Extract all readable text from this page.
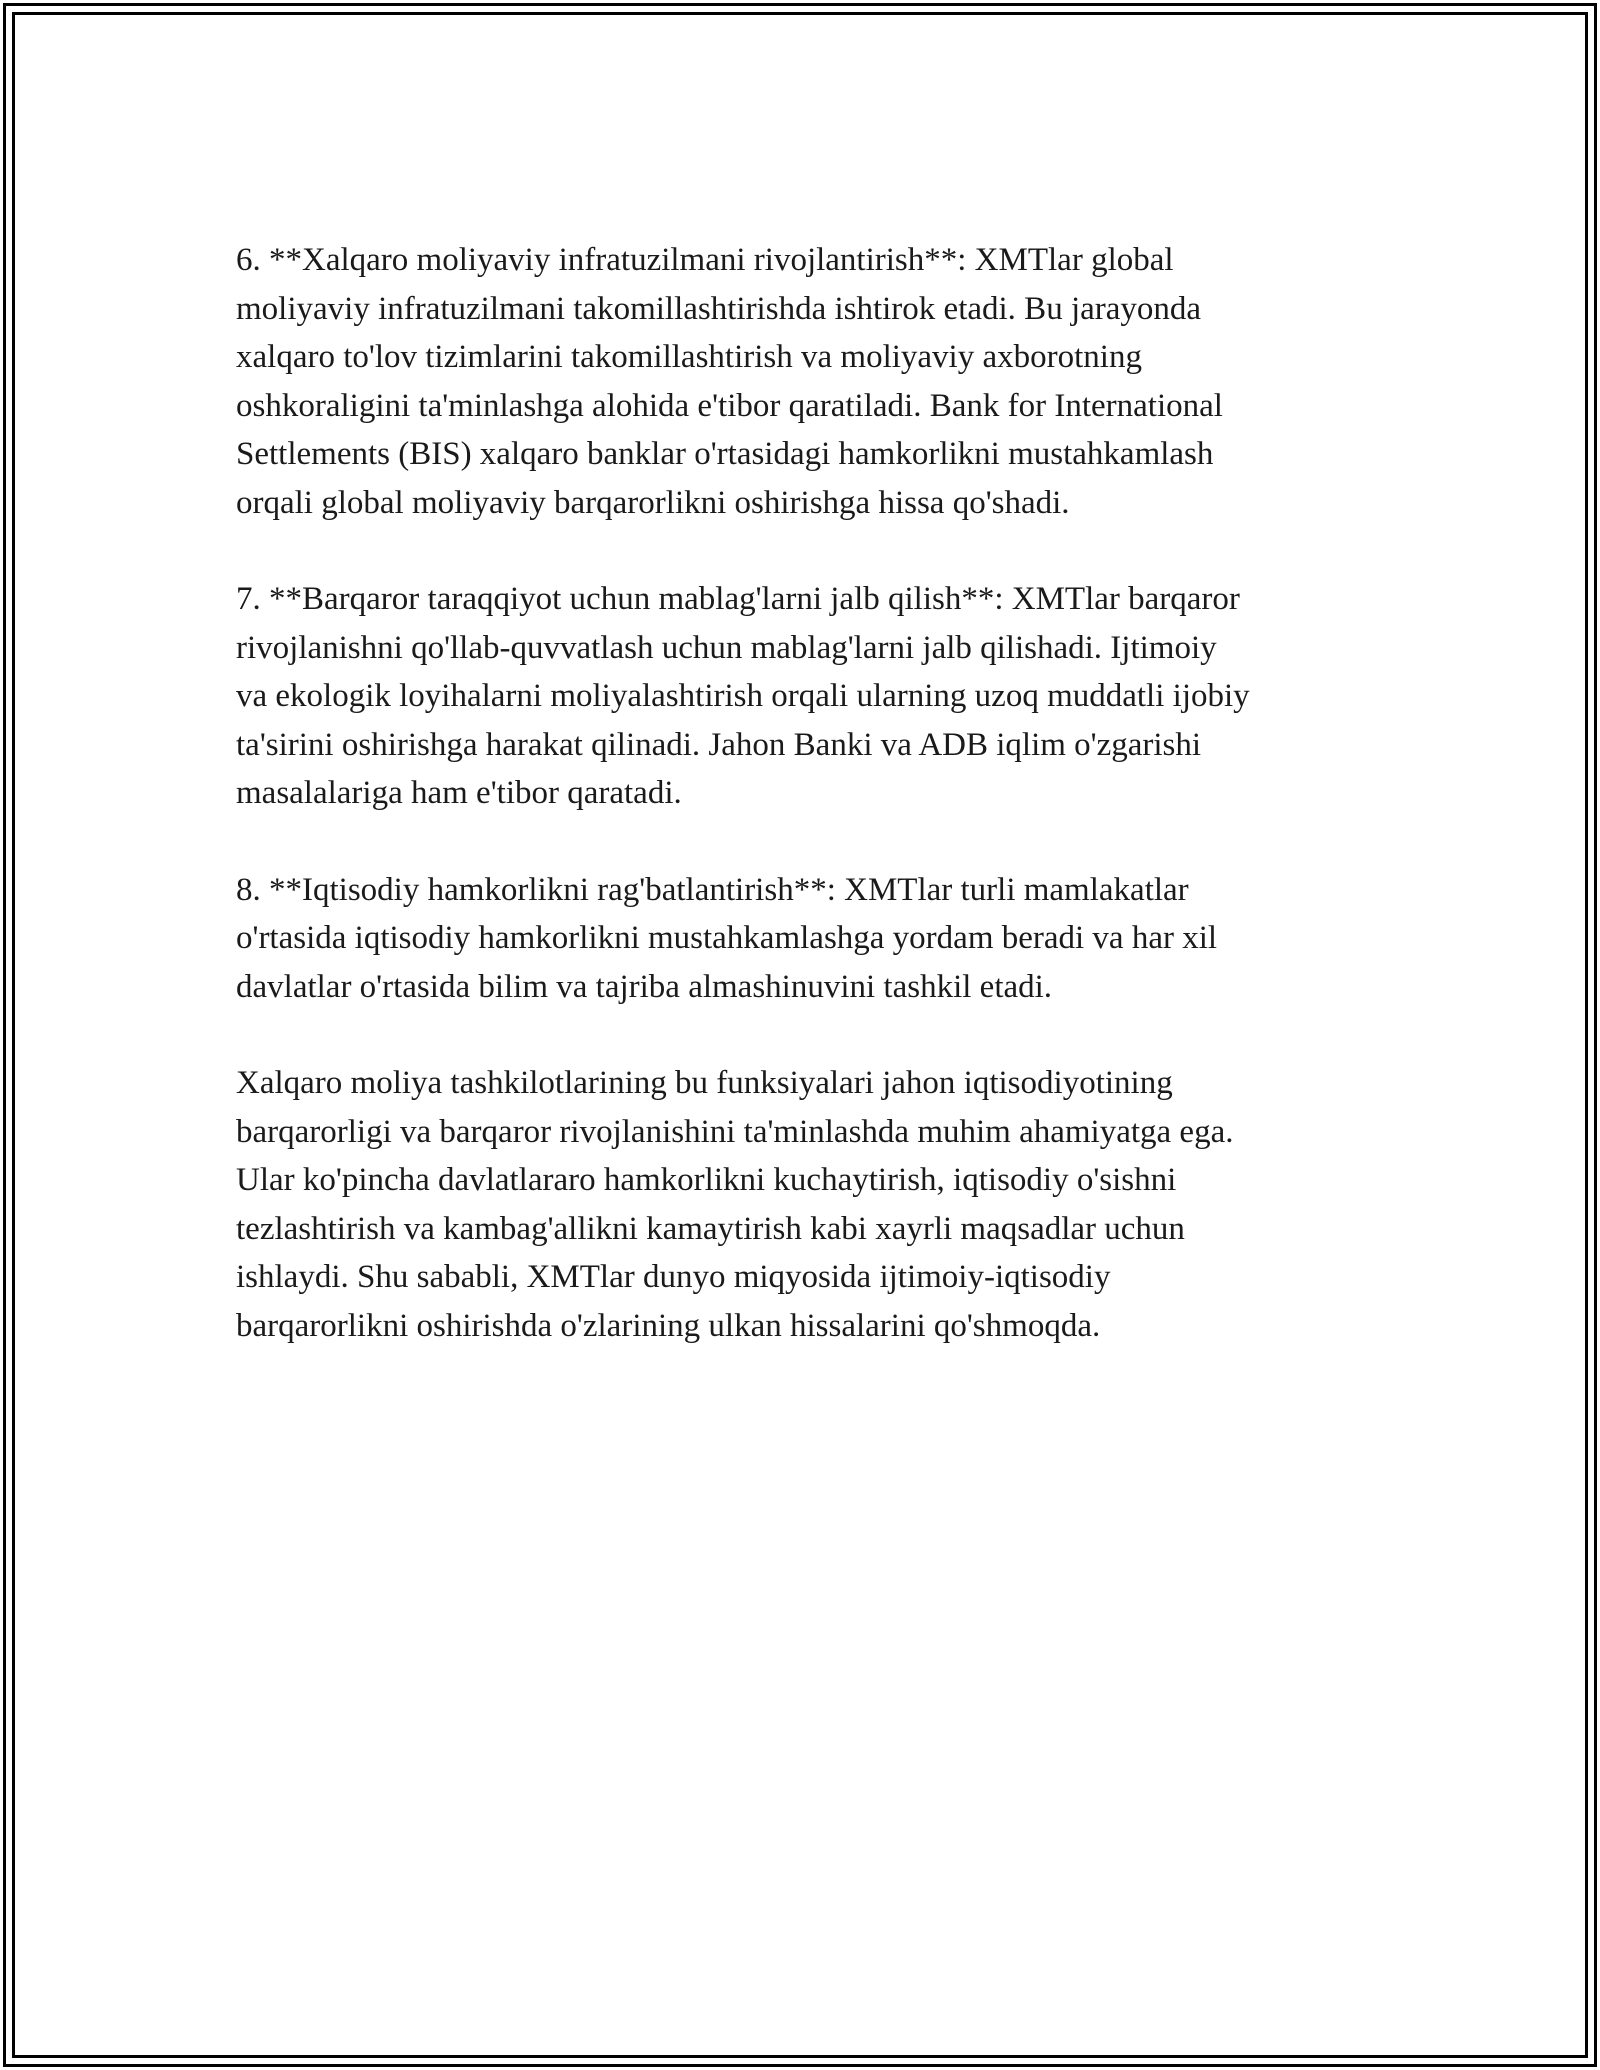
6. **Xalqaro moliyaviy infratuzilmani rivojlantirish**: XMTlar global
moliyaviy infratuzilmani takomillashtirishda ishtirok etadi. Bu jarayonda
xalqaro to'lov tizimlarini takomillashtirish va moliyaviy axborotning
oshkoraligini ta'minlashga alohida e'tibor qaratiladi. Bank for International
Settlements (BIS) xalqaro banklar o'rtasidagi hamkorlikni mustahkamlash
orqali global moliyaviy barqarorlikni oshirishga hissa qo'shadi.

7. **Barqaror taraqqiyot uchun mablag'larni jalb qilish**: XMTlar barqaror
rivojlanishni qo'llab-quvvatlash uchun mablag'larni jalb qilishadi. Ijtimoiy
va ekologik loyihalarni moliyalashtirish orqali ularning uzoq muddatli ijobiy
ta'sirini oshirishga harakat qilinadi. Jahon Banki va ADB iqlim o'zgarishi
masalalariga ham e'tibor qaratadi.

8. **Iqtisodiy hamkorlikni rag'batlantirish**: XMTlar turli mamlakatlar
o'rtasida iqtisodiy hamkorlikni mustahkamlashga yordam beradi va har xil
davlatlar o'rtasida bilim va tajriba almashinuvini tashkil etadi.

Xalqaro moliya tashkilotlarining bu funksiyalari jahon iqtisodiyotining
barqarorligi va barqaror rivojlanishini ta'minlashda muhim ahamiyatga ega.
Ular ko'pincha davlatlararo hamkorlikni kuchaytirish, iqtisodiy o'sishni
tezlashtirish va kambag'allikni kamaytirish kabi xayrli maqsadlar uchun
ishlaydi. Shu sababli, XMTlar dunyo miqyosida ijtimoiy-iqtisodiy
barqarorlikni oshirishda o'zlarining ulkan hissalarini qo'shmoqda.
